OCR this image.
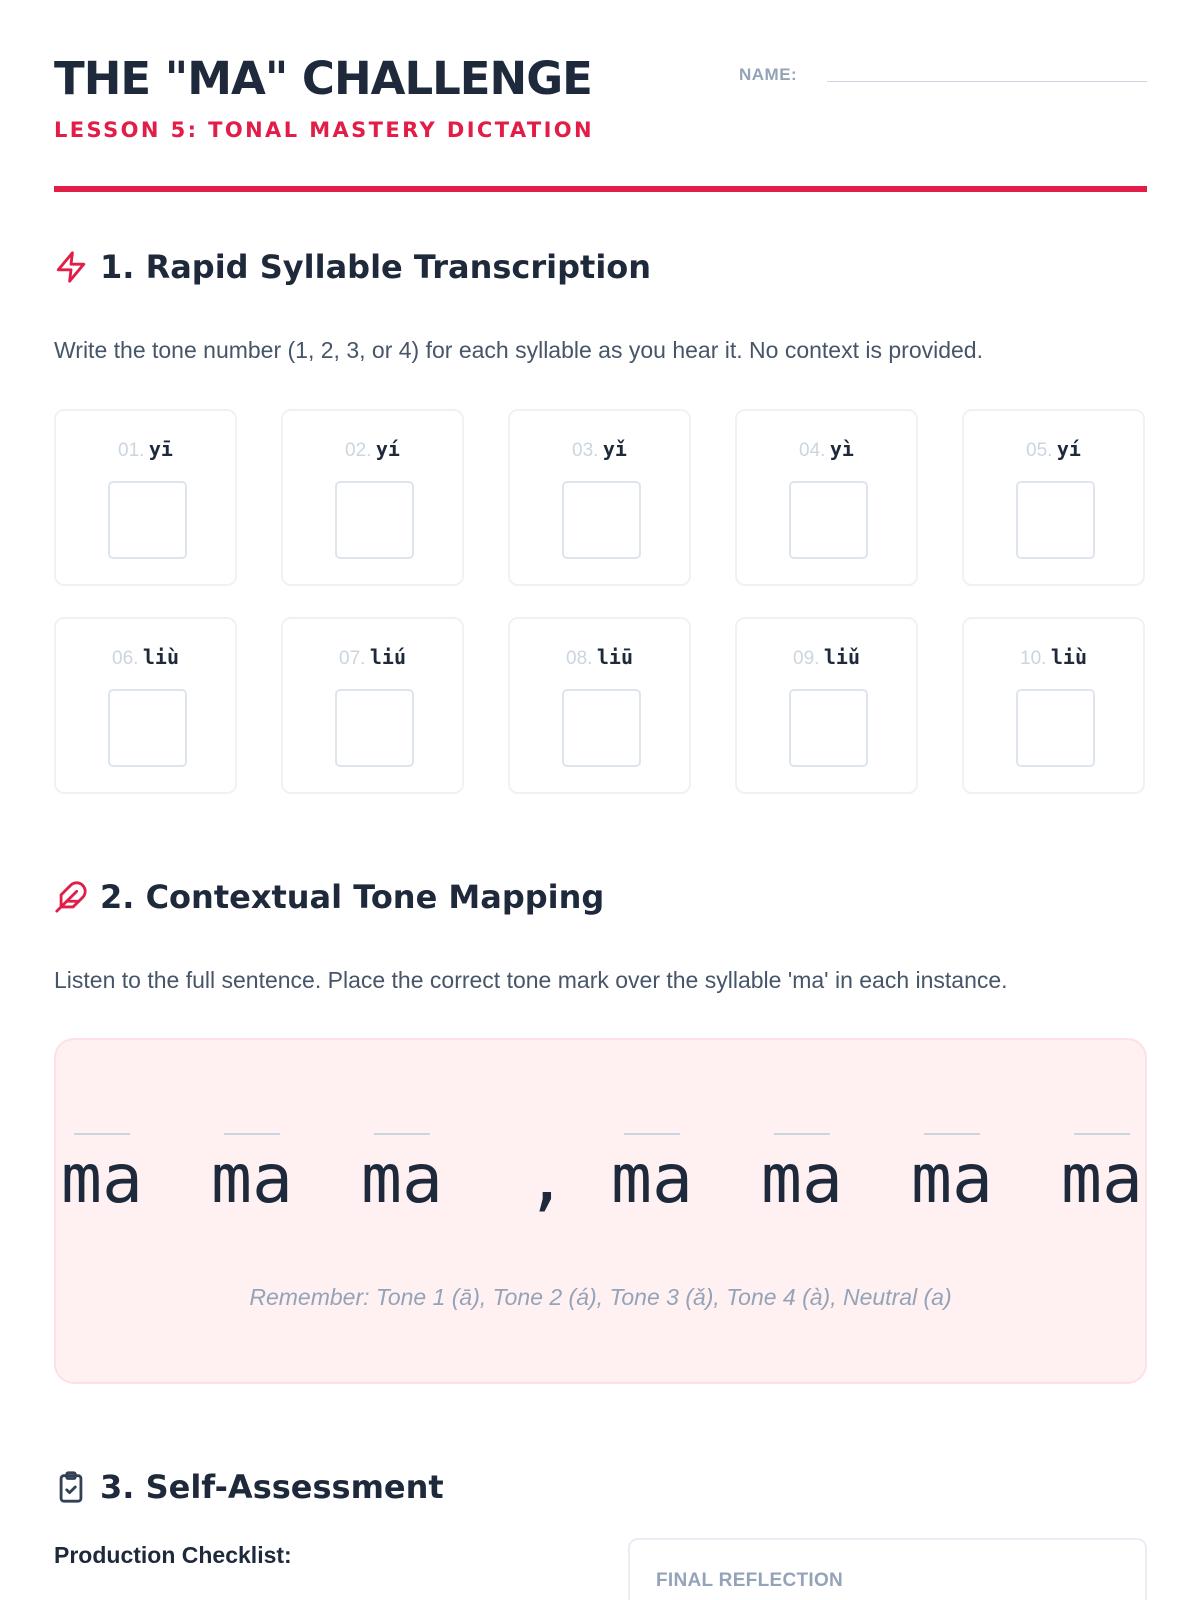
THE "MA" CHALLENGE
LESSON 5: TONAL MASTERY DICTATION
NAME:
1. Rapid Syllable Transcription
Write the tone number (1, 2, 3, or 4) for each syllable as you hear it. No context is provided.
01. yī	02. yí	03. yǐ	04. yì	05. yí
06. liù	07. liú	08. liū	09. liǔ	10. liù
2. Contextual Tone Mapping
Listen to the full sentence. Place the correct tone mark over the syllable 'ma' in each instance.
ma ma ma ma ma ma ma
,
Remember: Tone 1 (ā), Tone 2 (á), Tone 3 (ǎ), Tone 4 (à), Neutral (a)
3. Self-Assessment
Production Checklist:
FINAL REFLECTION
